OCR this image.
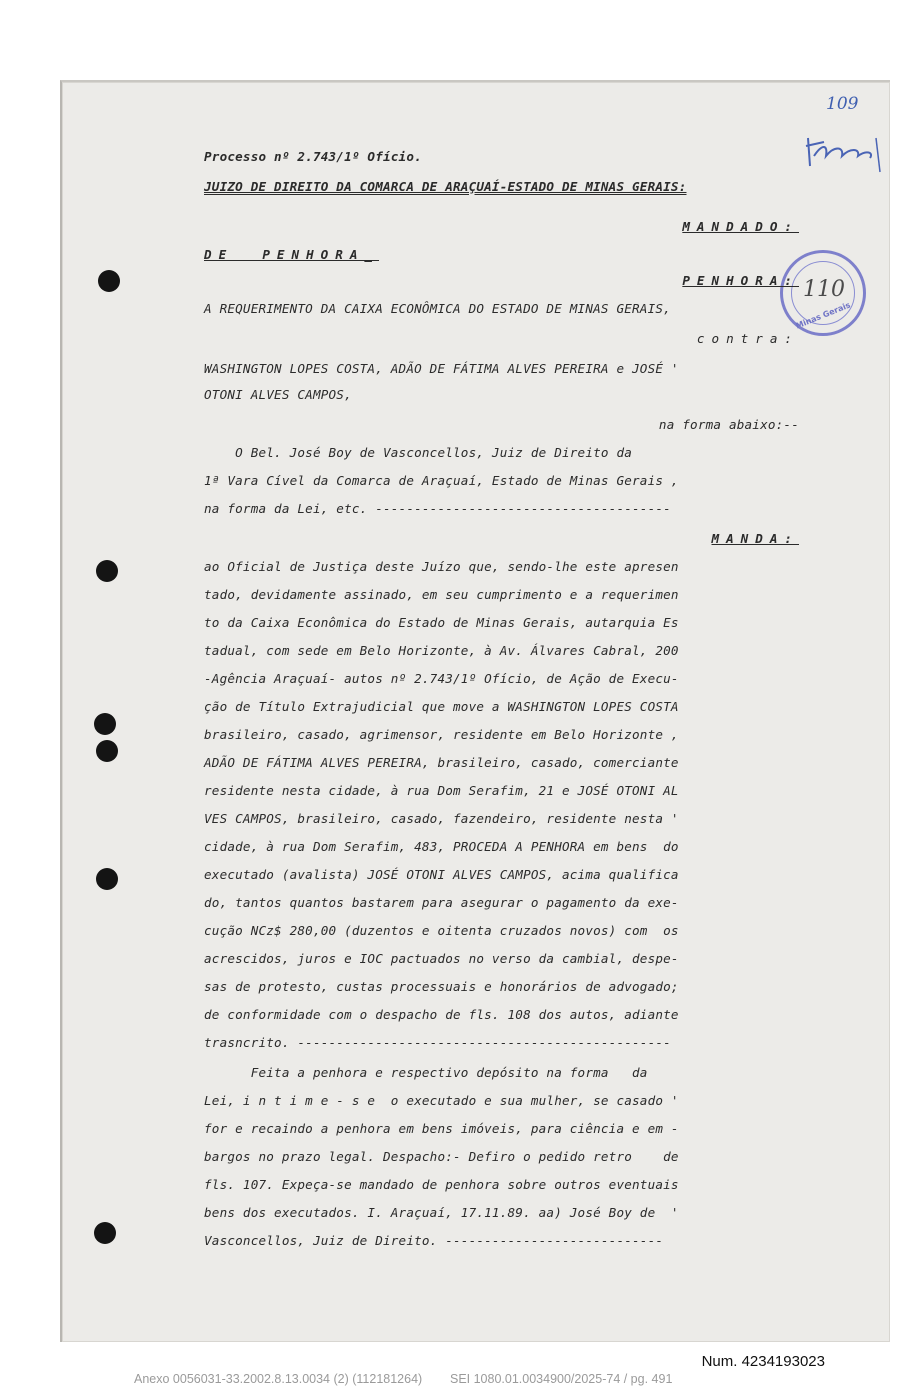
109
110
Minas Gerais
Processo nº 2.743/1º Ofício.
JUIZO DE DIREITO DA COMARCA DE ARAÇUAÍ-ESTADO DE MINAS GERAIS:
MANDADO:
DE  PENHORA_
PENHORA:
A REQUERIMENTO DA CAIXA ECONÔMICA DO ESTADO DE MINAS GERAIS,
contra:
WASHINGTON LOPES COSTA, ADÃO DE FÁTIMA ALVES PEREIRA e JOSÉ '
OTONI ALVES CAMPOS,
na forma abaixo:--
O Bel. José Boy de Vasconcellos, Juiz de Direito da
1ª Vara Cível da Comarca de Araçuaí, Estado de Minas Gerais ,
na forma da Lei, etc. --------------------------------------
MANDA:
ao Oficial de Justiça deste Juízo que, sendo-lhe este apresen
tado, devidamente assinado, em seu cumprimento e a requerimen
to da Caixa Econômica do Estado de Minas Gerais, autarquia Es
tadual, com sede em Belo Horizonte, à Av. Álvares Cabral, 200
-Agência Araçuaí- autos nº 2.743/1º Ofício, de Ação de Execu-
ção de Título Extrajudicial que move a WASHINGTON LOPES COSTA
brasileiro, casado, agrimensor, residente em Belo Horizonte ,
ADÃO DE FÁTIMA ALVES PEREIRA, brasileiro, casado, comerciante
residente nesta cidade, à rua Dom Serafim, 21 e JOSÉ OTONI AL
VES CAMPOS, brasileiro, casado, fazendeiro, residente nesta '
cidade, à rua Dom Serafim, 483, PROCEDA A PENHORA em bens  do
executado (avalista) JOSÉ OTONI ALVES CAMPOS, acima qualifica
do, tantos quantos bastarem para asegurar o pagamento da exe-
cução NCz$ 280,00 (duzentos e oitenta cruzados novos) com  os
acrescidos, juros e IOC pactuados no verso da cambial, despe-
sas de protesto, custas processuais e honorários de advogado;
de conformidade com o despacho de fls. 108 dos autos, adiante
trasncrito. ------------------------------------------------
Feita a penhora e respectivo depósito na forma   da
Lei, i n t i m e - s e  o executado e sua mulher, se casado '
for e recaindo a penhora em bens imóveis, para ciência e em -
bargos no prazo legal. Despacho:- Defiro o pedido retro    de
fls. 107. Expeça-se mandado de penhora sobre outros eventuais
bens dos executados. I. Araçuaí, 17.11.89. aa) José Boy de  '
Vasconcellos, Juiz de Direito. ----------------------------
Num. 4234193023
Anexo 0056031-33.2002.8.13.0034 (2) (112181264)        SEI 1080.01.0034900/2025-74 / pg. 491
